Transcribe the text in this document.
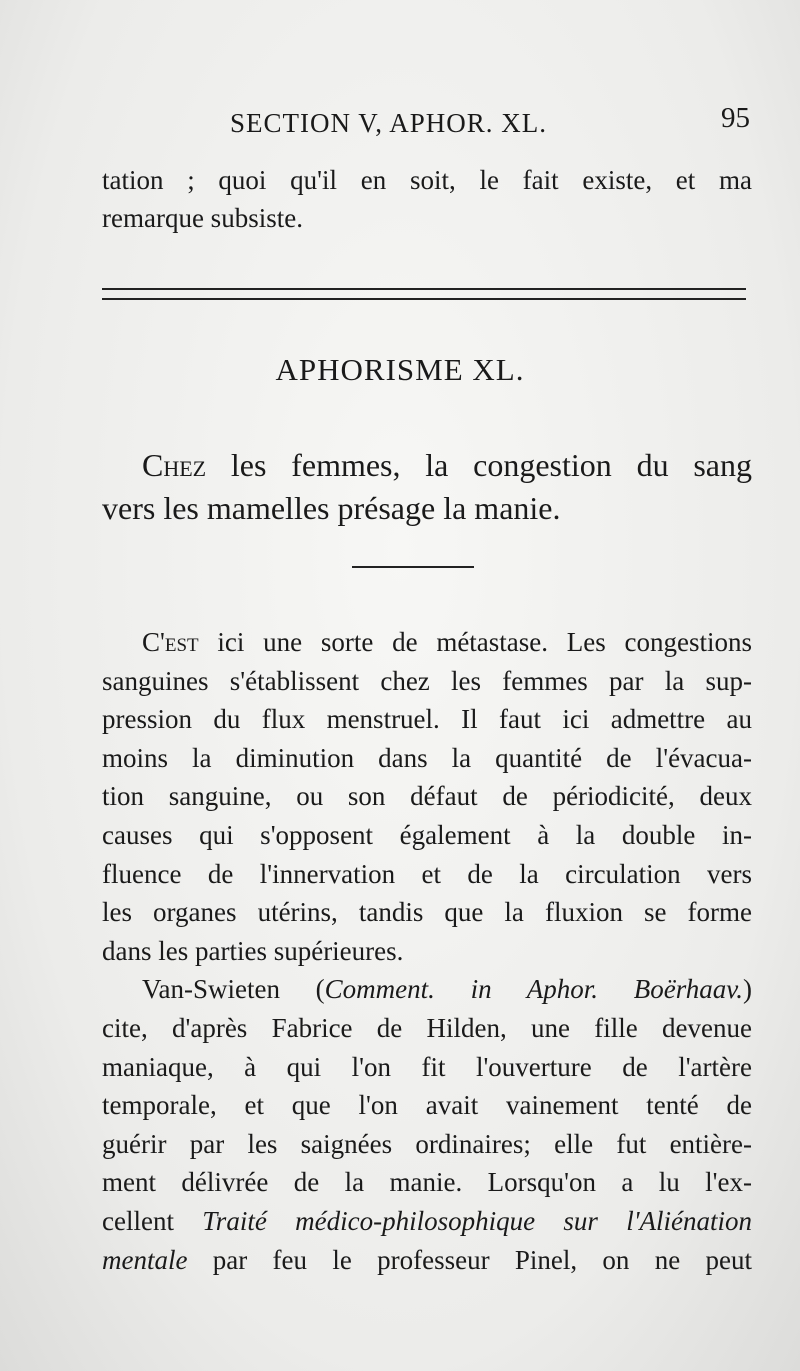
SECTION V, APHOR. XL.	95
tation ; quoi qu'il en soit, le fait existe, et ma
remarque subsiste.
APHORISME XL.
Chez les femmes, la congestion du sang
vers les mamelles présage la manie.
C'est ici une sorte de métastase. Les congestions
sanguines s'établissent chez les femmes par la sup-
pression du flux menstruel. Il faut ici admettre au
moins la diminution dans la quantité de l'évacua-
tion sanguine, ou son défaut de périodicité, deux
causes qui s'opposent également à la double in-
fluence de l'innervation et de la circulation vers
les organes utérins, tandis que la fluxion se forme
dans les parties supérieures.
Van-Swieten (Comment. in Aphor. Boërhaav.)
cite, d'après Fabrice de Hilden, une fille devenue
maniaque, à qui l'on fit l'ouverture de l'artère
temporale, et que l'on avait vainement tenté de
guérir par les saignées ordinaires; elle fut entière-
ment délivrée de la manie. Lorsqu'on a lu l'ex-
cellent Traité médico-philosophique sur l'Aliénation
mentale par feu le professeur Pinel, on ne peut
